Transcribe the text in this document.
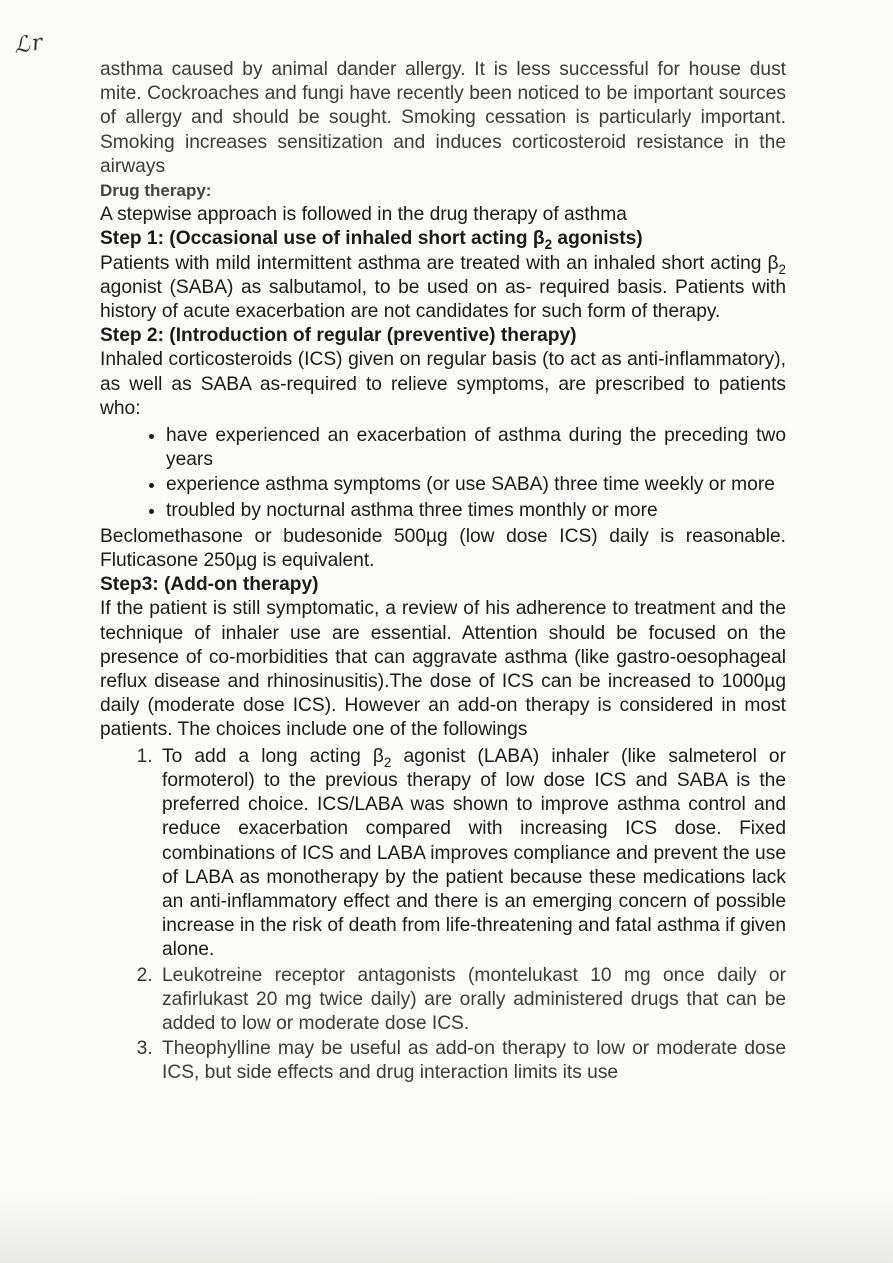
ℒr

asthma caused by animal dander allergy. It is less successful for house dust mite. Cockroaches and fungi have recently been noticed to be important sources of allergy and should be sought. Smoking cessation is particularly important. Smoking increases sensitization and induces corticosteroid resistance in the airways

Drug therapy:

A stepwise approach is followed in the drug therapy of asthma

Step 1: (Occasional use of inhaled short acting $\beta_2$ agonists)

Patients with mild intermittent asthma are treated with an inhaled short acting $\beta_2$ agonist (SABA) as salbutamol, to be used on as- required basis. Patients with history of acute exacerbation are not candidates for such form of therapy.

Step 2: (Introduction of regular (preventive) therapy)

Inhaled corticosteroids (ICS) given on regular basis (to act as anti-inflammatory), as well as SABA as-required to relieve symptoms, are prescribed to patients who:

• have experienced an exacerbation of asthma during the preceding two years
• experience asthma symptoms (or use SABA) three time weekly or more
• troubled by nocturnal asthma three times monthly or more

Beclomethasone or budesonide 500µg (low dose ICS) daily is reasonable. Fluticasone 250µg is equivalent.

Step3: (Add-on therapy)

If the patient is still symptomatic, a review of his adherence to treatment and the technique of inhaler use are essential. Attention should be focused on the presence of co-morbidities that can aggravate asthma (like gastro-oesophageal reflux disease and rhinosinusitis).The dose of ICS can be increased to 1000µg daily (moderate dose ICS). However an add-on therapy is considered in most patients. The choices include one of the followings

1. To add a long acting $\beta_2$ agonist (LABA) inhaler (like salmeterol or formoterol) to the previous therapy of low dose ICS and SABA is the preferred choice. ICS/LABA was shown to improve asthma control and reduce exacerbation compared with increasing ICS dose. Fixed combinations of ICS and LABA improves compliance and prevent the use of LABA as monotherapy by the patient because these medications lack an anti-inflammatory effect and there is an emerging concern of possible increase in the risk of death from life-threatening and fatal asthma if given alone.
2. Leukotreine receptor antagonists (montelukast 10 mg once daily or zafirlukast 20 mg twice daily) are orally administered drugs that can be added to low or moderate dose ICS.
3. Theophylline may be useful as add-on therapy to low or moderate dose ICS, but side effects and drug interaction limits its use
